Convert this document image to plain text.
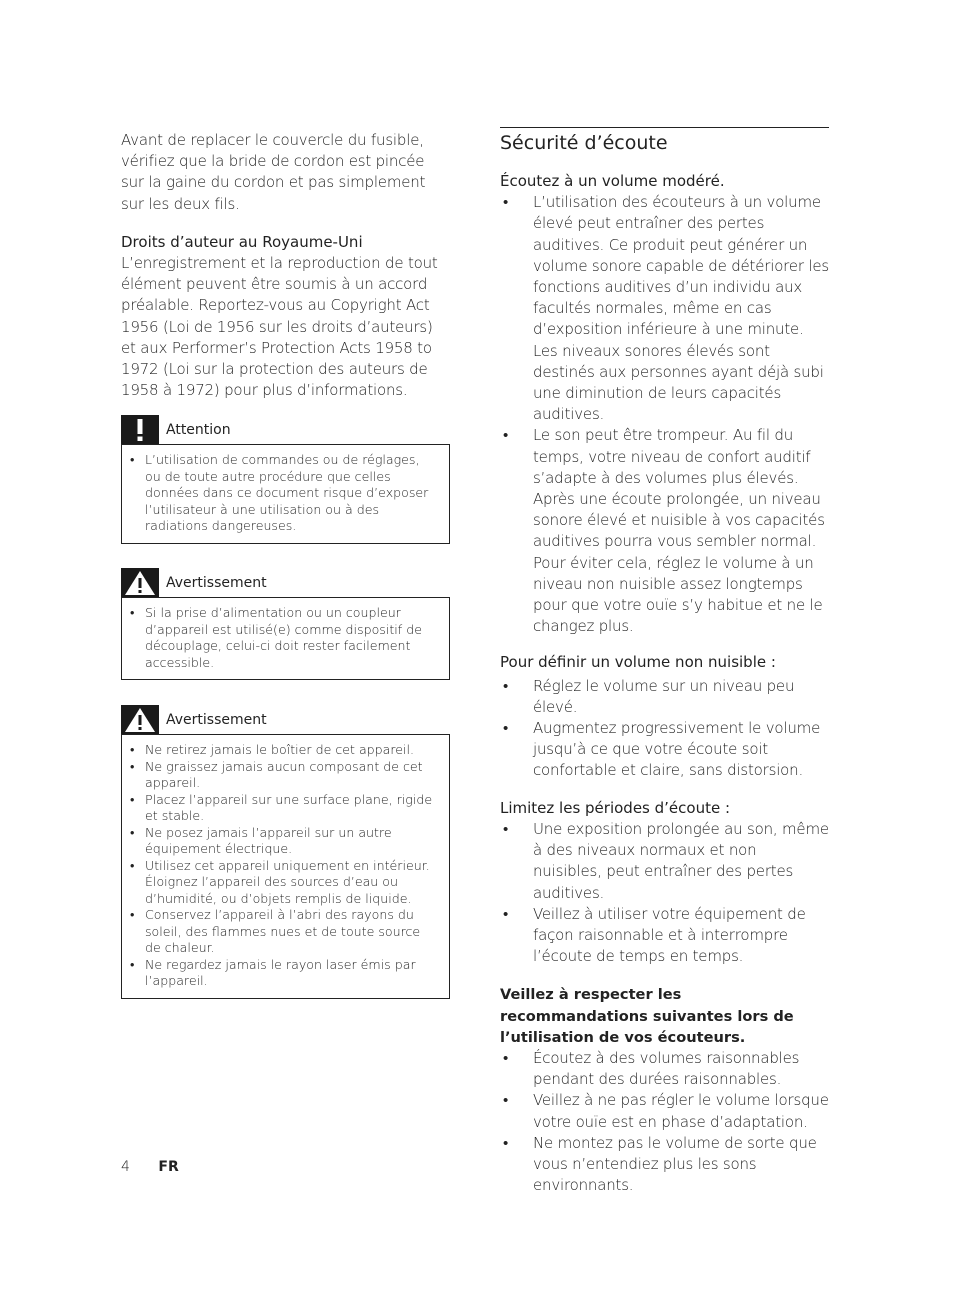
Avant de replacer le couvercle du fusible, vérifiez que la bride de cordon est pincée sur la gaine du cordon et pas simplement sur les deux fils.

Droits d’auteur au Royaume-Uni

L’enregistrement et la reproduction de tout élément peuvent être soumis à un accord préalable. Reportez-vous au Copyright Act 1956 (Loi de 1956 sur les droits d’auteurs) et aux Performer’s Protection Acts 1958 to 1972 (Loi sur la protection des auteurs de 1958 à 1972) pour plus d’informations.

Attention
• L’utilisation de commandes ou de réglages, ou de toute autre procédure que celles données dans ce document risque d’exposer l’utilisateur à une utilisation ou à des radiations dangereuses.
Avertissement
• Si la prise d’alimentation ou un coupleur d’appareil est utilisé(e) comme dispositif de découplage, celui-ci doit rester facilement accessible.
Avertissement
• Ne retirez jamais le boîtier de cet appareil.
• Ne graissez jamais aucun composant de cet appareil.
• Placez l’appareil sur une surface plane, rigide et stable.
• Ne posez jamais l’appareil sur un autre équipement électrique.
• Utilisez cet appareil uniquement en intérieur. Éloignez l’appareil des sources d’eau ou d’humidité, ou d’objets remplis de liquide.
• Conservez l’appareil à l’abri des rayons du soleil, des flammes nues et de toute source de chaleur.
• Ne regardez jamais le rayon laser émis par l’appareil.

Sécurité d’écoute

Écoutez à un volume modéré.

• L’utilisation des écouteurs à un volume élevé peut entraîner des pertes auditives. Ce produit peut générer un volume sonore capable de détériorer les fonctions auditives d’un individu aux facultés normales, même en cas d’exposition inférieure à une minute. Les niveaux sonores élevés sont destinés aux personnes ayant déjà subi une diminution de leurs capacités auditives.
• Le son peut être trompeur. Au fil du temps, votre niveau de confort auditif s’adapte à des volumes plus élevés. Après une écoute prolongée, un niveau sonore élevé et nuisible à vos capacités auditives pourra vous sembler normal. Pour éviter cela, réglez le volume à un niveau non nuisible assez longtemps pour que votre ouïe s’y habitue et ne le changez plus.

Pour définir un volume non nuisible :

• Réglez le volume sur un niveau peu élevé.
• Augmentez progressivement le volume jusqu’à ce que votre écoute soit confortable et claire, sans distorsion.

Limitez les périodes d’écoute :

• Une exposition prolongée au son, même à des niveaux normaux et non nuisibles, peut entraîner des pertes auditives.
• Veillez à utiliser votre équipement de façon raisonnable et à interrompre l’écoute de temps en temps.

Veillez à respecter les recommandations suivantes lors de l’utilisation de vos écouteurs.

• Écoutez à des volumes raisonnables pendant des durées raisonnables.
• Veillez à ne pas régler le volume lorsque votre ouïe est en phase d’adaptation.
• Ne montez pas le volume de sorte que vous n’entendiez plus les sons environnants.
4 FR
